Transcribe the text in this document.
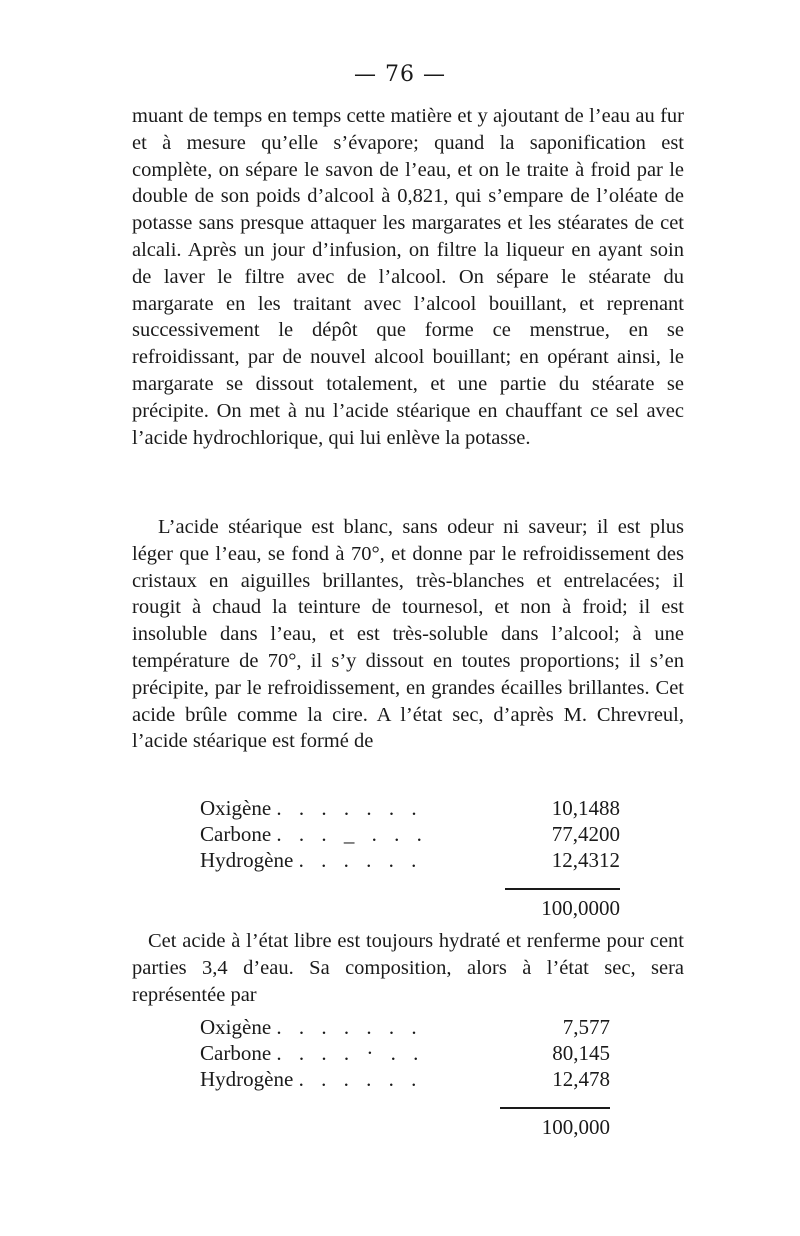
— 76 —

muant de temps en temps cette matière et y ajoutant de l’eau au fur et à mesure qu’elle s’évapore; quand la saponification est complète, on sépare le savon de l’eau, et on le traite à froid par le double de son poids d’alcool à 0,821, qui s’empare de l’oléate de potasse sans presque attaquer les margarates et les stéarates de cet alcali. Après un jour d’infusion, on filtre la liqueur en ayant soin de laver le filtre avec de l’alcool. On sépare le stéarate du margarate en les traitant avec l’alcool bouillant, et reprenant successivement le dépôt que forme ce menstrue, en se refroidissant, par de nouvel alcool bouillant; en opérant ainsi, le margarate se dissout totalement, et une partie du stéarate se précipite. On met à nu l’acide stéarique en chauffant ce sel avec l’acide hydrochlorique, qui lui enlève la potasse.

L’acide stéarique est blanc, sans odeur ni saveur; il est plus léger que l’eau, se fond à 70°, et donne par le refroidissement des cristaux en aiguilles brillantes, très-blanches et entrelacées; il rougit à chaud la teinture de tournesol, et non à froid; il est insoluble dans l’eau, et est très-soluble dans l’alcool; à une température de 70°, il s’y dissout en toutes proportions; il s’en précipite, par le refroidissement, en grandes écailles brillantes. Cet acide brûle comme la cire. A l’état sec, d’après M. Chrevreul, l’acide stéarique est formé de

Oxigène . . . . . . .	10,1488
Carbone . . . _ . . .	77,4200
Hydrogène . . . . . .	12,4312
100,0000

Cet acide à l’état libre est toujours hydraté et renferme pour cent parties 3,4 d’eau. Sa composition, alors à l’état sec, sera représentée par

Oxigène . . . . . . .	7,577
Carbone . . . . · . .	80,145
Hydrogène . . . . . .	12,478
100,000
